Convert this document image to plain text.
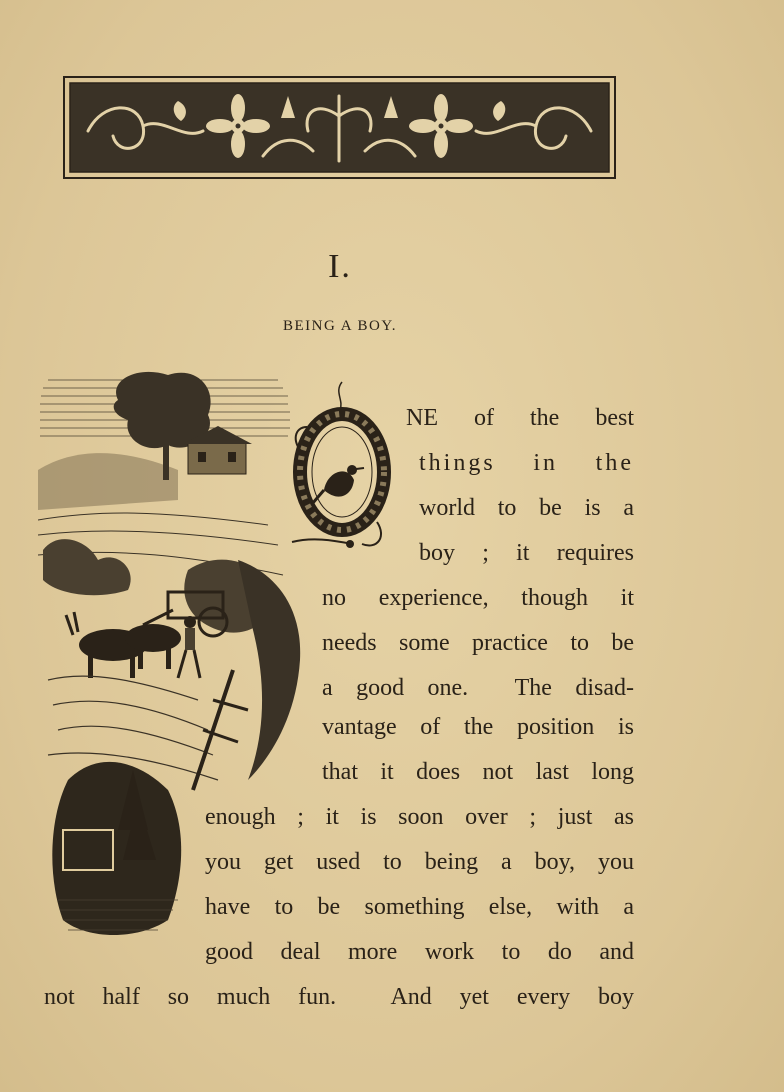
I.
BEING A BOY.
NE of the best
things in the
world to be is a
boy ; it requires
no experience, though it
needs some practice to be
a good one.  The disad-
vantage of the position is
that it does not last long
enough ; it is soon over ; just as
you get used to being a boy, you
have to be something else, with a
good deal more work to do and
not half so much fun.  And yet every boy
